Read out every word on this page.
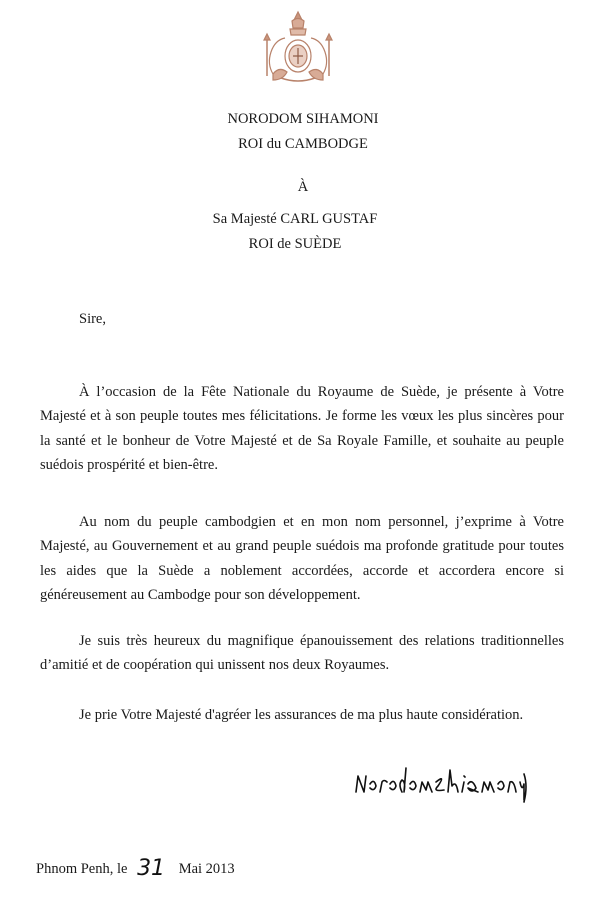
NORODOM SIHAMONI
ROI du CAMBODGE
À
Sa Majesté CARL GUSTAF
ROI de SUÈDE
Sire,

À l’occasion de la Fête Nationale du Royaume de Suède, je présente à Votre Majesté et à son peuple toutes mes félicitations. Je forme les vœux les plus sincères pour la santé et le bonheur de Votre Majesté et de Sa Royale Famille, et souhaite au peuple suédois prospérité et bien-être.

Au nom du peuple cambodgien et en mon nom personnel, j’exprime à Votre Majesté, au Gouvernement et au grand peuple suédois ma profonde gratitude pour toutes les aides que la Suède a noblement accordées, accorde et accordera encore si généreusement au Cambodge pour son développement.

Je suis très heureux du magnifique épanouissement des relations traditionnelles d’amitié et de coopération qui unissent nos deux Royaumes.

Je prie Votre Majesté d'agréer les assurances de ma plus haute considération.

Phnom Penh, le 31 Mai 2013
